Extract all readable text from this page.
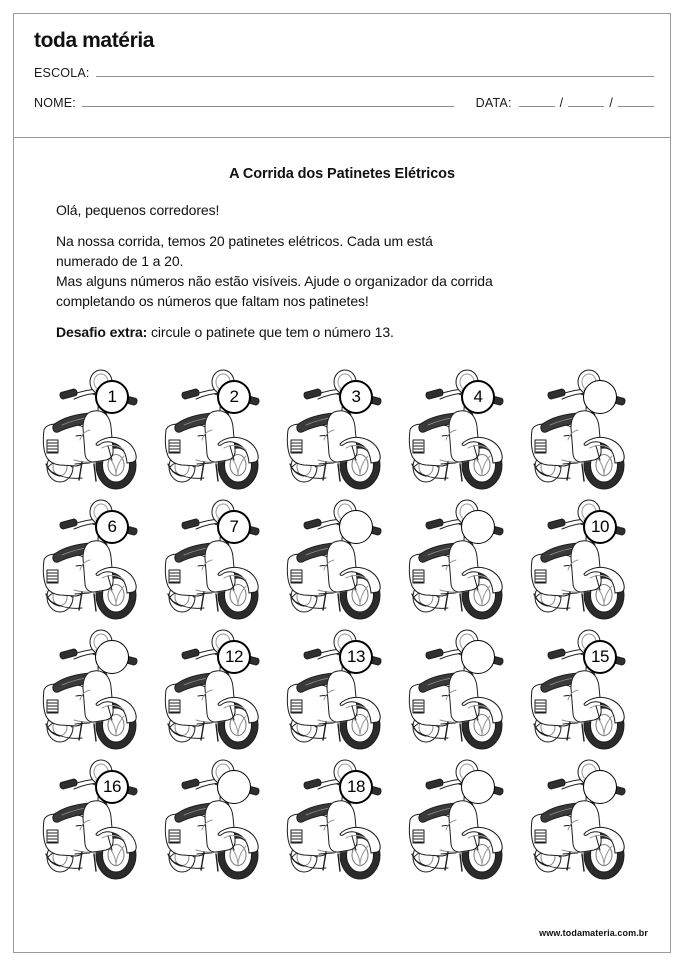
toda matéria
ESCOLA:
NOME:	DATA:	/	/
A Corrida dos Patinetes Elétricos
Olá, pequenos corredores!
Na nossa corrida, temos 20 patinetes elétricos. Cada um está
numerado de 1 a 20.
Mas alguns números não estão visíveis. Ajude o organizador da corrida
completando os números que faltam nos patinetes!
Desafio extra: circule o patinete que tem o número 13.
1	2	3	4
6	7	10
12	13	15
16	18
www.todamateria.com.br
